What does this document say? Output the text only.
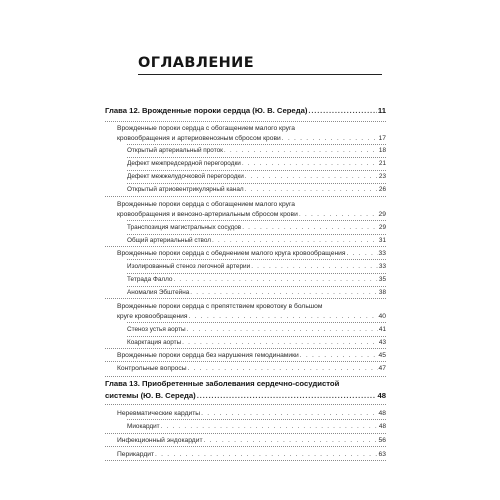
ОГЛАВЛЕНИЕ
Глава 12. Врожденные пороки сердца (Ю. В. Середа) .....	11
Врожденные пороки сердца с обогащением малого круга
кровообращения и артериовенозным сбросом крови . . .	17
Открытый артериальный проток . . .	18
Дефект межпредсердной перегородки . . .	21
Дефект межжелудочковой перегородки . . .	23
Открытый атриовентрикулярный канал . . .	26
Врожденные пороки сердца с обогащением малого круга
кровообращения и венозно-артериальным сбросом крови . . .	29
Транспозиция магистральных сосудов . . .	29
Общий артериальный ствол . . .	31
Врожденные пороки сердца с обеднением малого круга кровообращения . . .	33
Изолированный стеноз легочной артерии . . .	33
Тетрада Фалло . . .	35
Аномалия Эбштейна . . .	38
Врожденные пороки сердца с препятствием кровотоку в большом
круге кровообращения . . .	40
Стеноз устья аорты . . .	41
Коарктация аорты . . .	43
Врожденные пороки сердца без нарушения гемодинамики . . .	45
Контрольные вопросы . . .	47
Глава 13. Приобретенные заболевания сердечно-сосудистой
системы (Ю. В. Середа) .....	48
Неревматические кардиты . . .	48
Миокардит . . .	48
Инфекционный эндокардит . . .	56
Перикардит . . .	63
